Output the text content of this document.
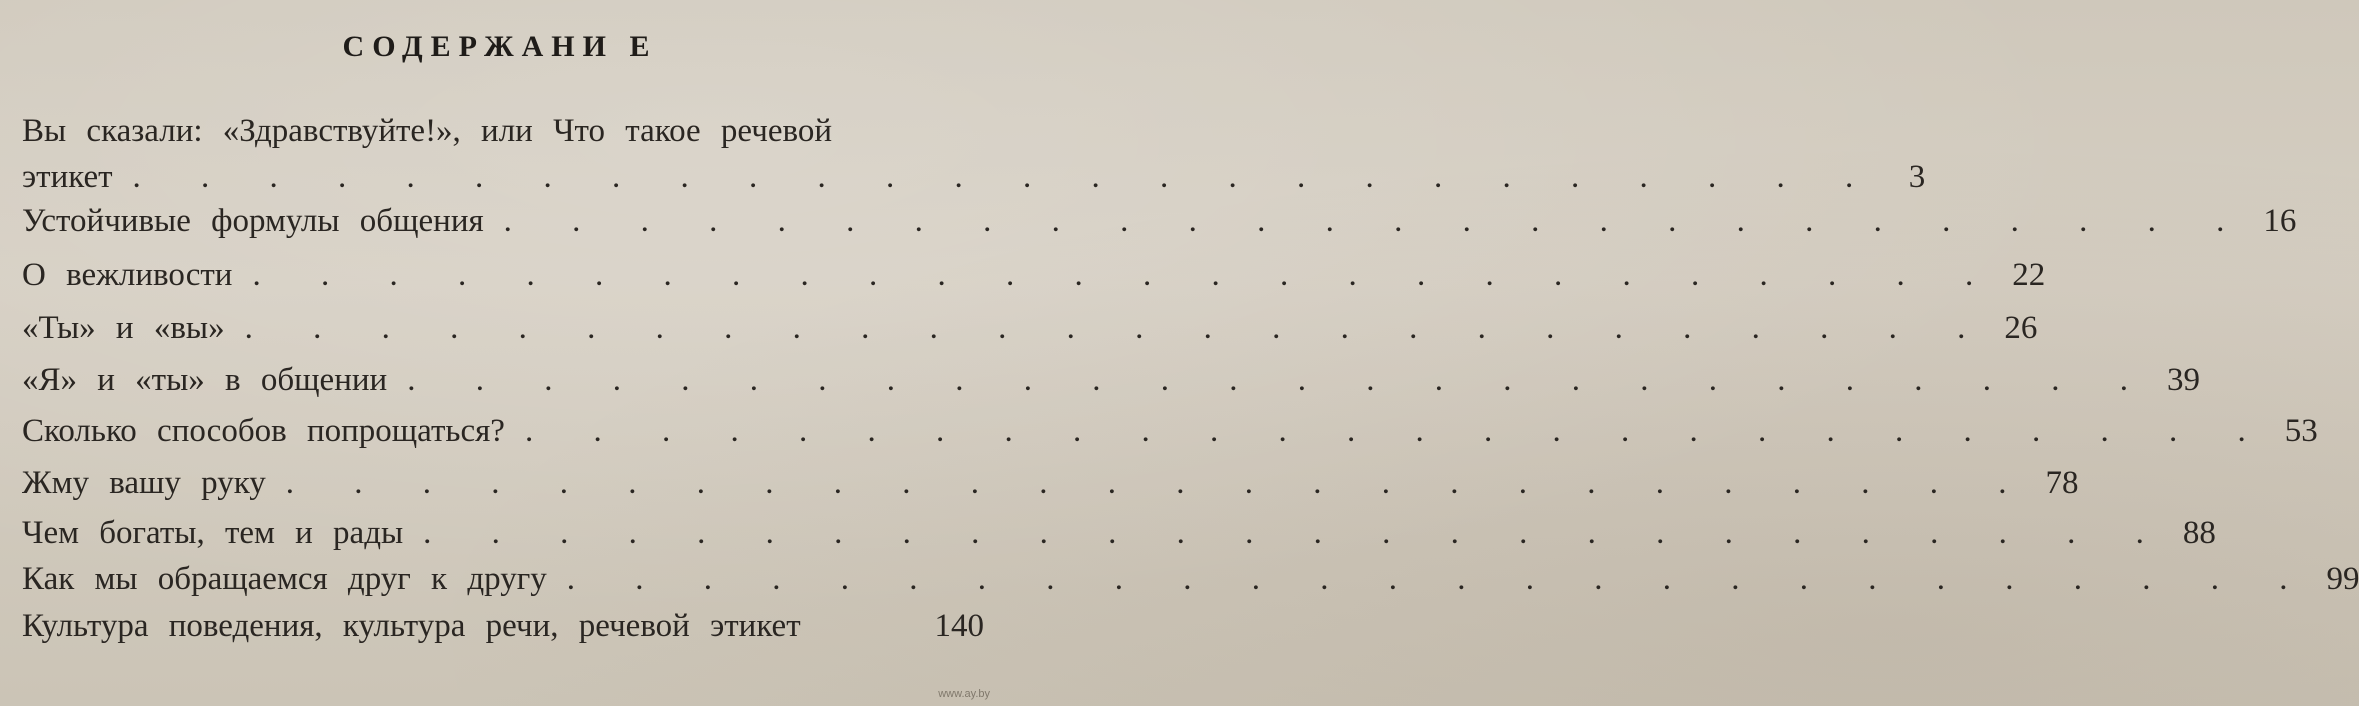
СОДЕРЖАНИ Е
Вы сказали: «Здравствуйте!», или Что такое речевой
этикет . . . . . . . . . . . . . . . . . . . . . . . . . . 3
Устойчивые формулы общения . . . . . . . . . . . . . . . . . . . . . . . . . . 16
О вежливости . . . . . . . . . . . . . . . . . . . . . . . . . . 22
«Ты» и «вы» . . . . . . . . . . . . . . . . . . . . . . . . . . 26
«Я» и «ты» в общении . . . . . . . . . . . . . . . . . . . . . . . . . . 39
Сколько способов попрощаться? . . . . . . . . . . . . . . . . . . . . . . . . . . 53
Жму вашу руку . . . . . . . . . . . . . . . . . . . . . . . . . . 78
Чем богаты, тем и рады . . . . . . . . . . . . . . . . . . . . . . . . . . 88
Как мы обращаемся друг к другу . . . . . . . . . . . . . . . . . . . . . . . . . . 99
Культура поведения, культура речи, речевой этикет	140
www.ay.by
